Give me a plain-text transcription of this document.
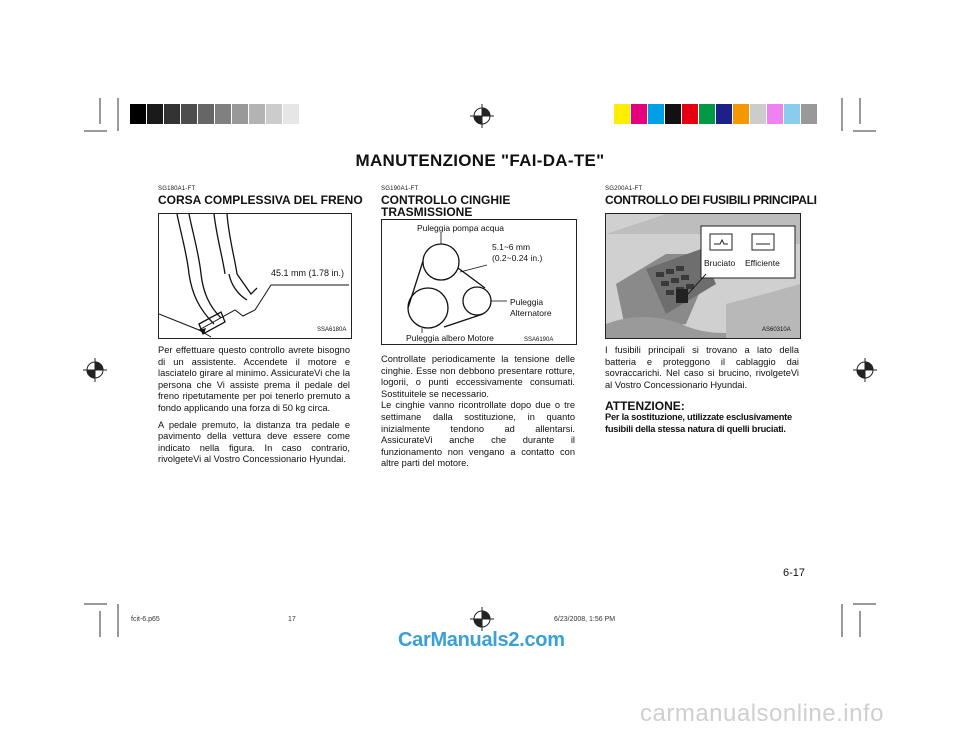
MANUTENZIONE "FAI-DA-TE"
SG180A1-FT
CORSA COMPLESSIVA DEL FRENO
45.1 mm (1.78 in.)
SSA6180A

Per effettuare questo controllo avrete bisogno di un assistente. Accendete il motore e lasciatelo girare al minimo. AssicurateVi che la persona che Vi assiste prema il pedale del freno ripetutamente per poi tenerlo premuto a fondo applicando una forza di 50 kg circa.

A pedale premuto, la distanza tra pedale e pavimento della vettura deve essere come indicato nella figura. In caso contrario, rivolgeteVi al Vostro Concessionario Hyundai.

SG190A1-FT
CONTROLLO CINGHIE
TRASMISSIONE
Puleggia pompa acqua
5.1~6 mm
(0.2~0.24 in.)
Puleggia
Alternatore
Puleggia albero Motore	SSA6190A

Controllate periodicamente la tensione delle cinghie. Esse non debbono presentare rotture, logorii, o punti eccessivamente consumati. Sostituitele se necessario.

Le cinghie vanno ricontrollate dopo due o tre settimane dalla sostituzione, in quanto inizialmente tendono ad allentarsi. AssicurateVi anche che durante il funzionamento non vengano a contatto con altre parti del motore.

SG200A1-FT
CONTROLLO DEI FUSIBILI PRINCIPALI
Bruciato Efficiente
AS60310A

I fusibili principali si trovano a lato della batteria e proteggono il cablaggio dai sovraccarichi. Nel caso si brucino, rivolgeteVi al Vostro Concessionario Hyundai.

ATTENZIONE:
Per la sostituzione, utilizzate esclusivamente fusibili della stessa natura di quelli bruciati.
6-17
fcit-6.p65	17	6/23/2008, 1:56 PM
CarManuals2.com
carmanualsonline.info
